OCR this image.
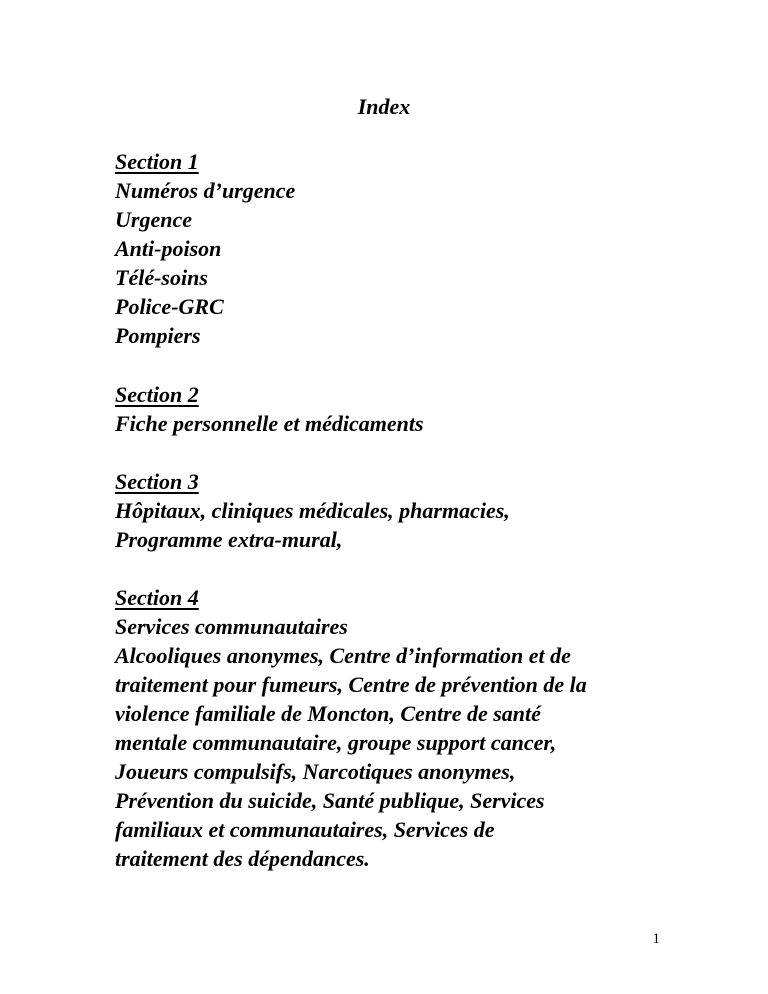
Index
Section 1
Numéros d’urgence
Urgence
Anti-poison
Télé-soins
Police-GRC
Pompiers
Section 2
Fiche personnelle et médicaments
Section 3
Hôpitaux, cliniques médicales, pharmacies,
Programme extra-mural,
Section 4
Services communautaires
Alcooliques anonymes, Centre d’information et de
traitement pour fumeurs, Centre de prévention de la
violence familiale de Moncton, Centre de santé
mentale communautaire, groupe support cancer,
Joueurs compulsifs, Narcotiques anonymes,
Prévention du suicide, Santé publique, Services
familiaux et communautaires, Services de
traitement des dépendances.
1
